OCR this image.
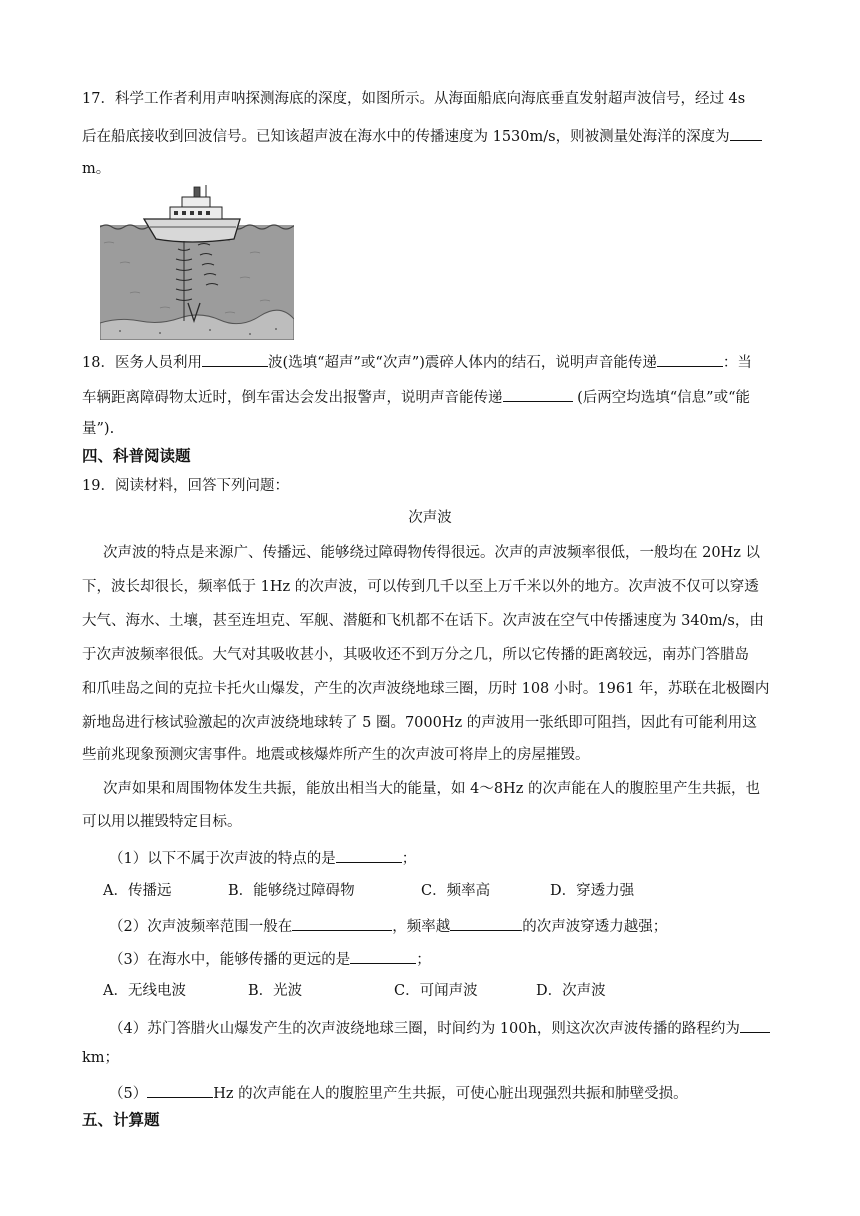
17．科学工作者利用声呐探测海底的深度，如图所示。从海面船底向海底垂直发射超声波信号，经过 4s
后在船底接收到回波信号。已知该超声波在海水中的传播速度为 1530m/s，则被测量处海洋的深度为
m。
18．医务人员利用	波(选填“超声”或“次声”)震碎人体内的结石，说明声音能传递	：当
车辆距离障碍物太近时，倒车雷达会发出报警声，说明声音能传递	(后两空均选填“信息”或“能
量”).
四、科普阅读题
19．阅读材料，回答下列问题：
次声波
次声波的特点是来源广、传播远、能够绕过障碍物传得很远。次声的声波频率很低，一般均在 20Hz 以
下，波长却很长，频率低于 1Hz 的次声波，可以传到几千以至上万千米以外的地方。次声波不仅可以穿透
大气、海水、土壤，甚至连坦克、军舰、潜艇和飞机都不在话下。次声波在空气中传播速度为 340m/s，由
于次声波频率很低。大气对其吸收甚小，其吸收还不到万分之几，所以它传播的距离较远，南苏门答腊岛
和爪哇岛之间的克拉卡托火山爆发，产生的次声波绕地球三圈，历时 108 小时。1961 年，苏联在北极圈内
新地岛进行核试验激起的次声波绕地球转了 5 圈。7000Hz 的声波用一张纸即可阻挡，因此有可能利用这
些前兆现象预测灾害事件。地震或核爆炸所产生的次声波可将岸上的房屋摧毁。
次声如果和周围物体发生共振，能放出相当大的能量，如 4～8Hz 的次声能在人的腹腔里产生共振，也
可以用以摧毁特定目标。
（1）以下不属于次声波的特点的是	；
A．传播远	B．能够绕过障碍物	C．频率高	D．穿透力强
（2）次声波频率范围一般在	，频率越	的次声波穿透力越强；
（3）在海水中，能够传播的更远的是	；
A．无线电波	B．光波	C．可闻声波	D．次声波
（4）苏门答腊火山爆发产生的次声波绕地球三圈，时间约为 100h，则这次次声波传播的路程约为
km；
（5）	Hz 的次声能在人的腹腔里产生共振，可使心脏出现强烈共振和肺壁受损。
五、计算题
